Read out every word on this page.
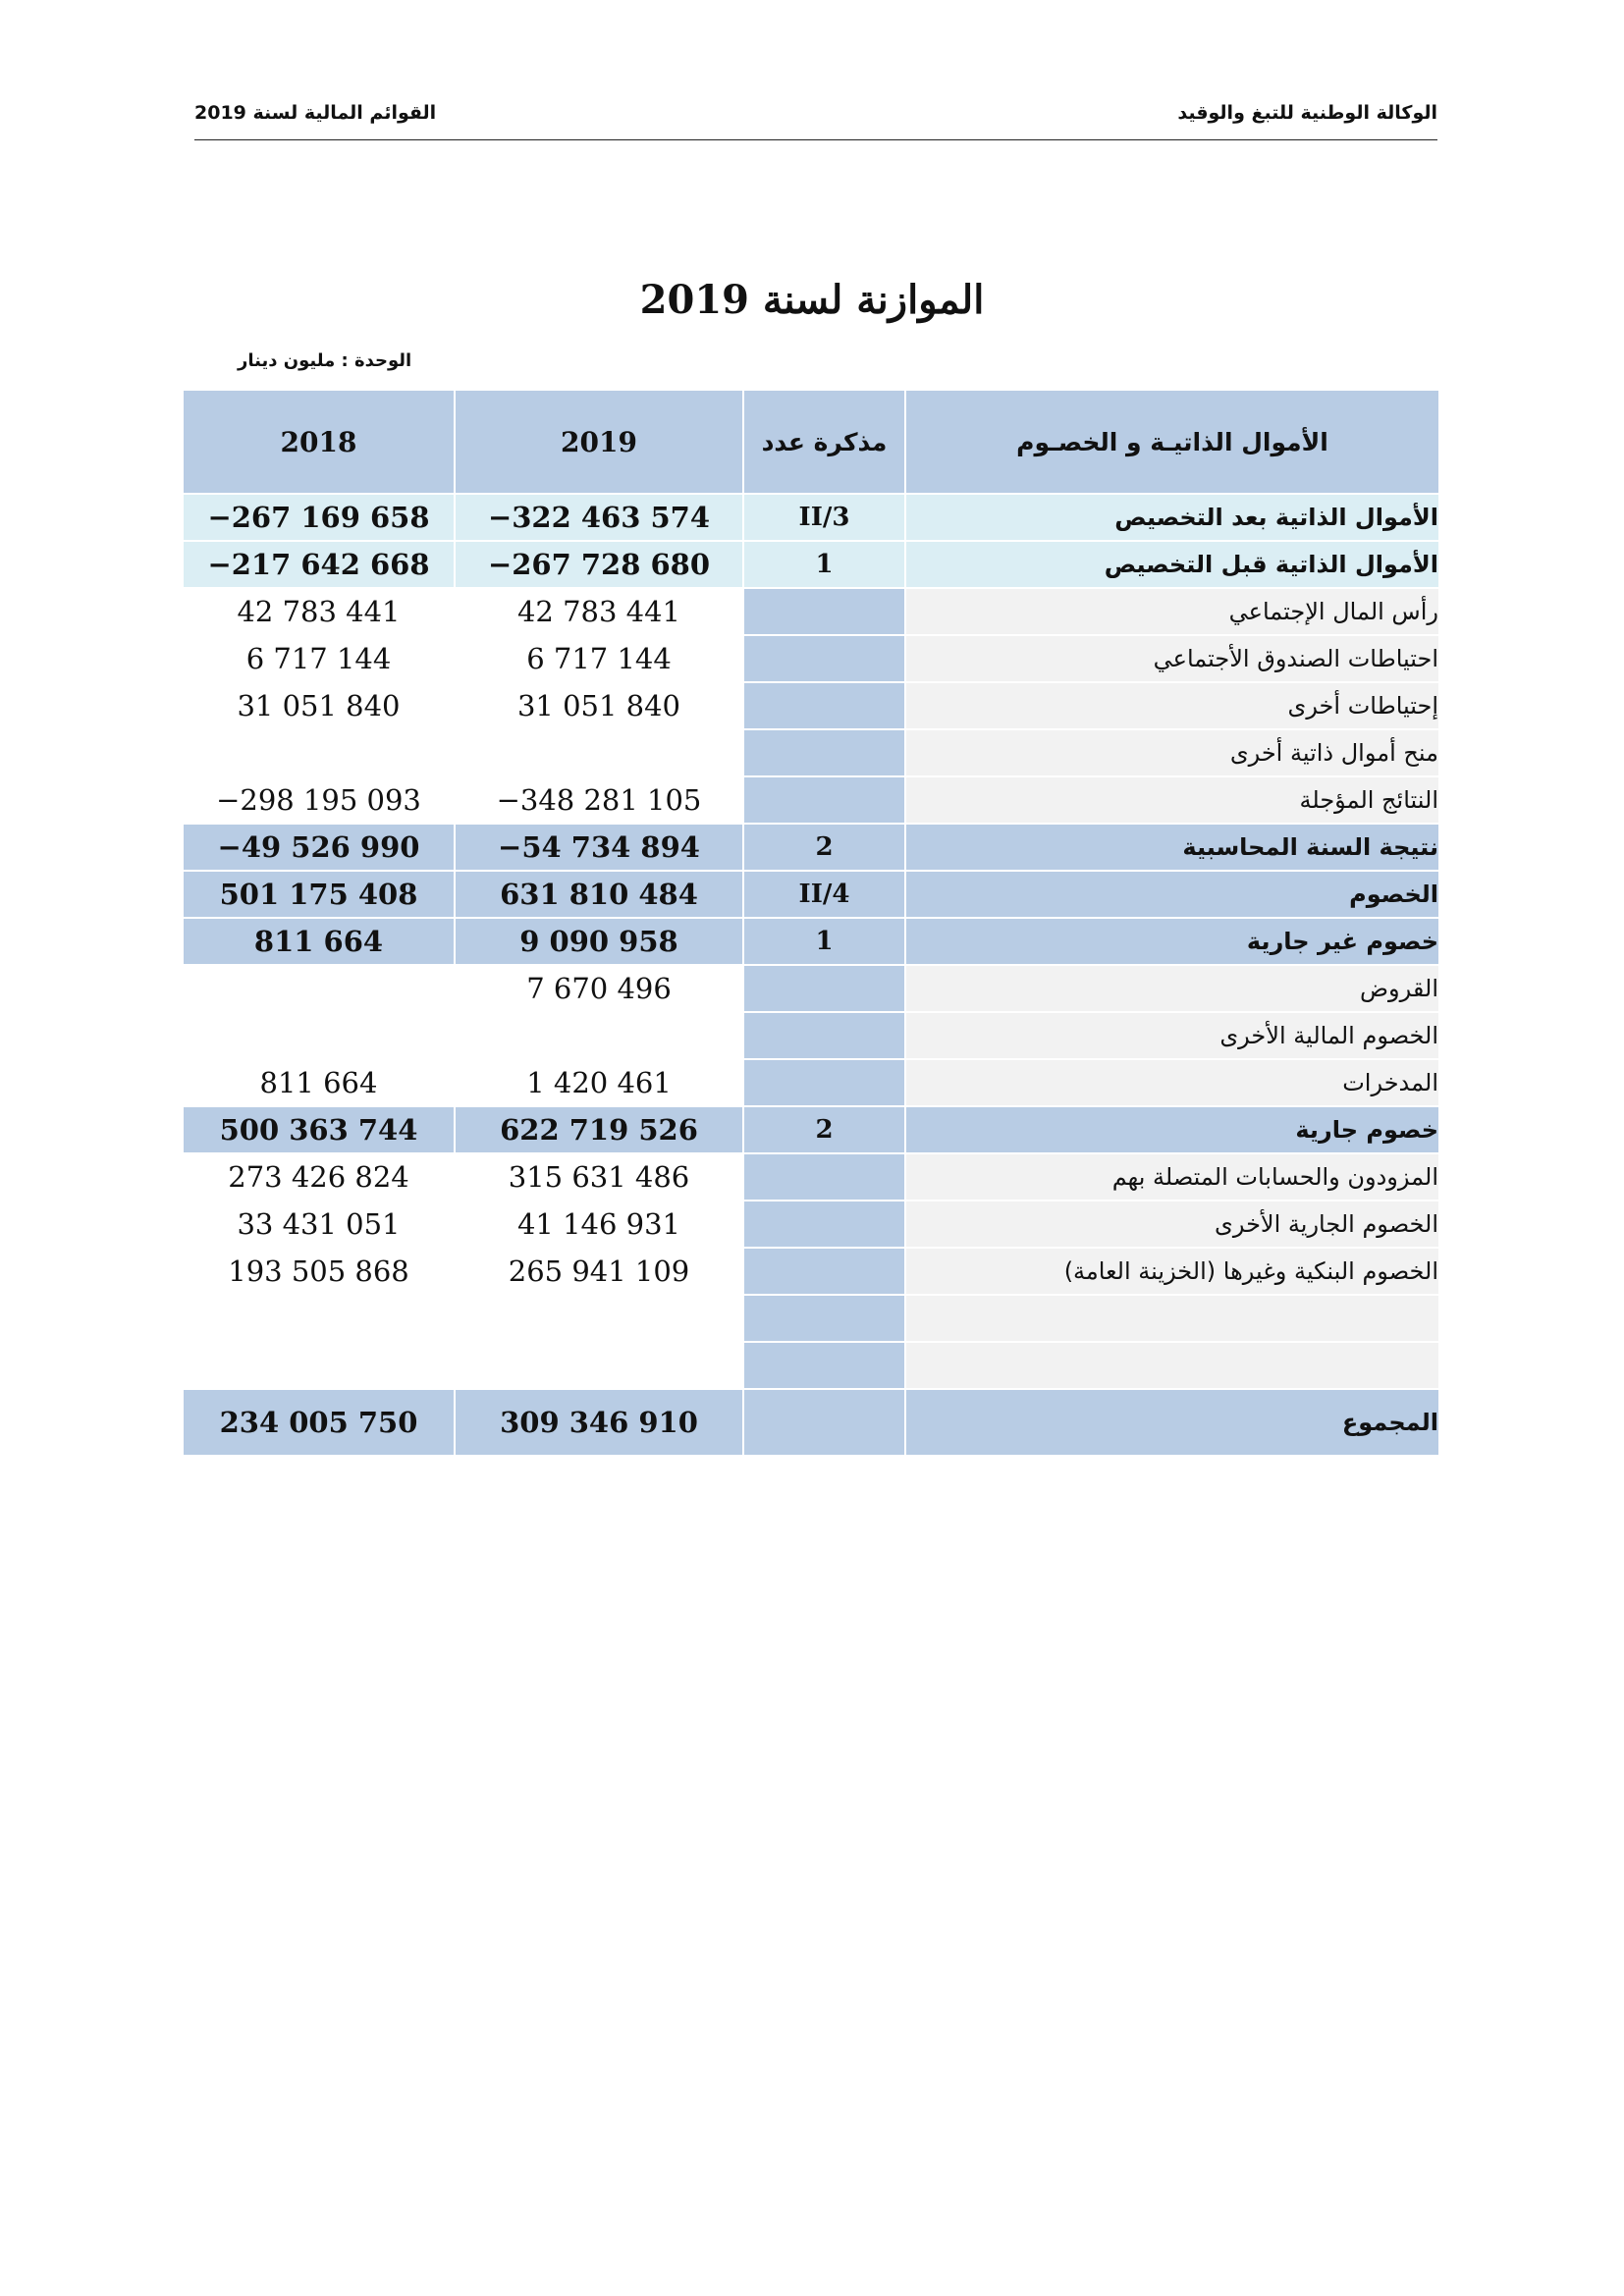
الوكالة الوطنية للتبغ والوقيد
القوائم المالية لسنة 2019
الموازنة لسنة 2019
الوحدة : مليون دينار
الأموال الذاتيـة و الخصـوم	مذكرة عدد	2019	2018
الأموال الذاتية بعد التخصيص	II/3	−322 463 574	−267 169 658
الأموال الذاتية قبل التخصيص	1	−267 728 680	−217 642 668
رأس المال الإجتماعي		42 783 441	42 783 441
احتياطات الصندوق الأجتماعي		6 717 144	6 717 144
إحتياطات أخرى		31 051 840	31 051 840
منح أموال ذاتية أخرى			
النتائج المؤجلة		−348 281 105	−298 195 093
نتيجة السنة المحاسبية	2	−54 734 894	−49 526 990
الخصوم	II/4	631 810 484	501 175 408
خصوم غير جارية	1	9 090 958	811 664
القروض		7 670 496	
الخصوم المالية الأخرى			
المدخرات		1 420 461	811 664
خصوم جارية	2	622 719 526	500 363 744
المزودون والحسابات المتصلة بهم		315 631 486	273 426 824
الخصوم الجارية الأخرى		41 146 931	33 431 051
الخصوم البنكية وغيرها (الخزينة العامة)		265 941 109	193 505 868

المجموع		309 346 910	234 005 750
